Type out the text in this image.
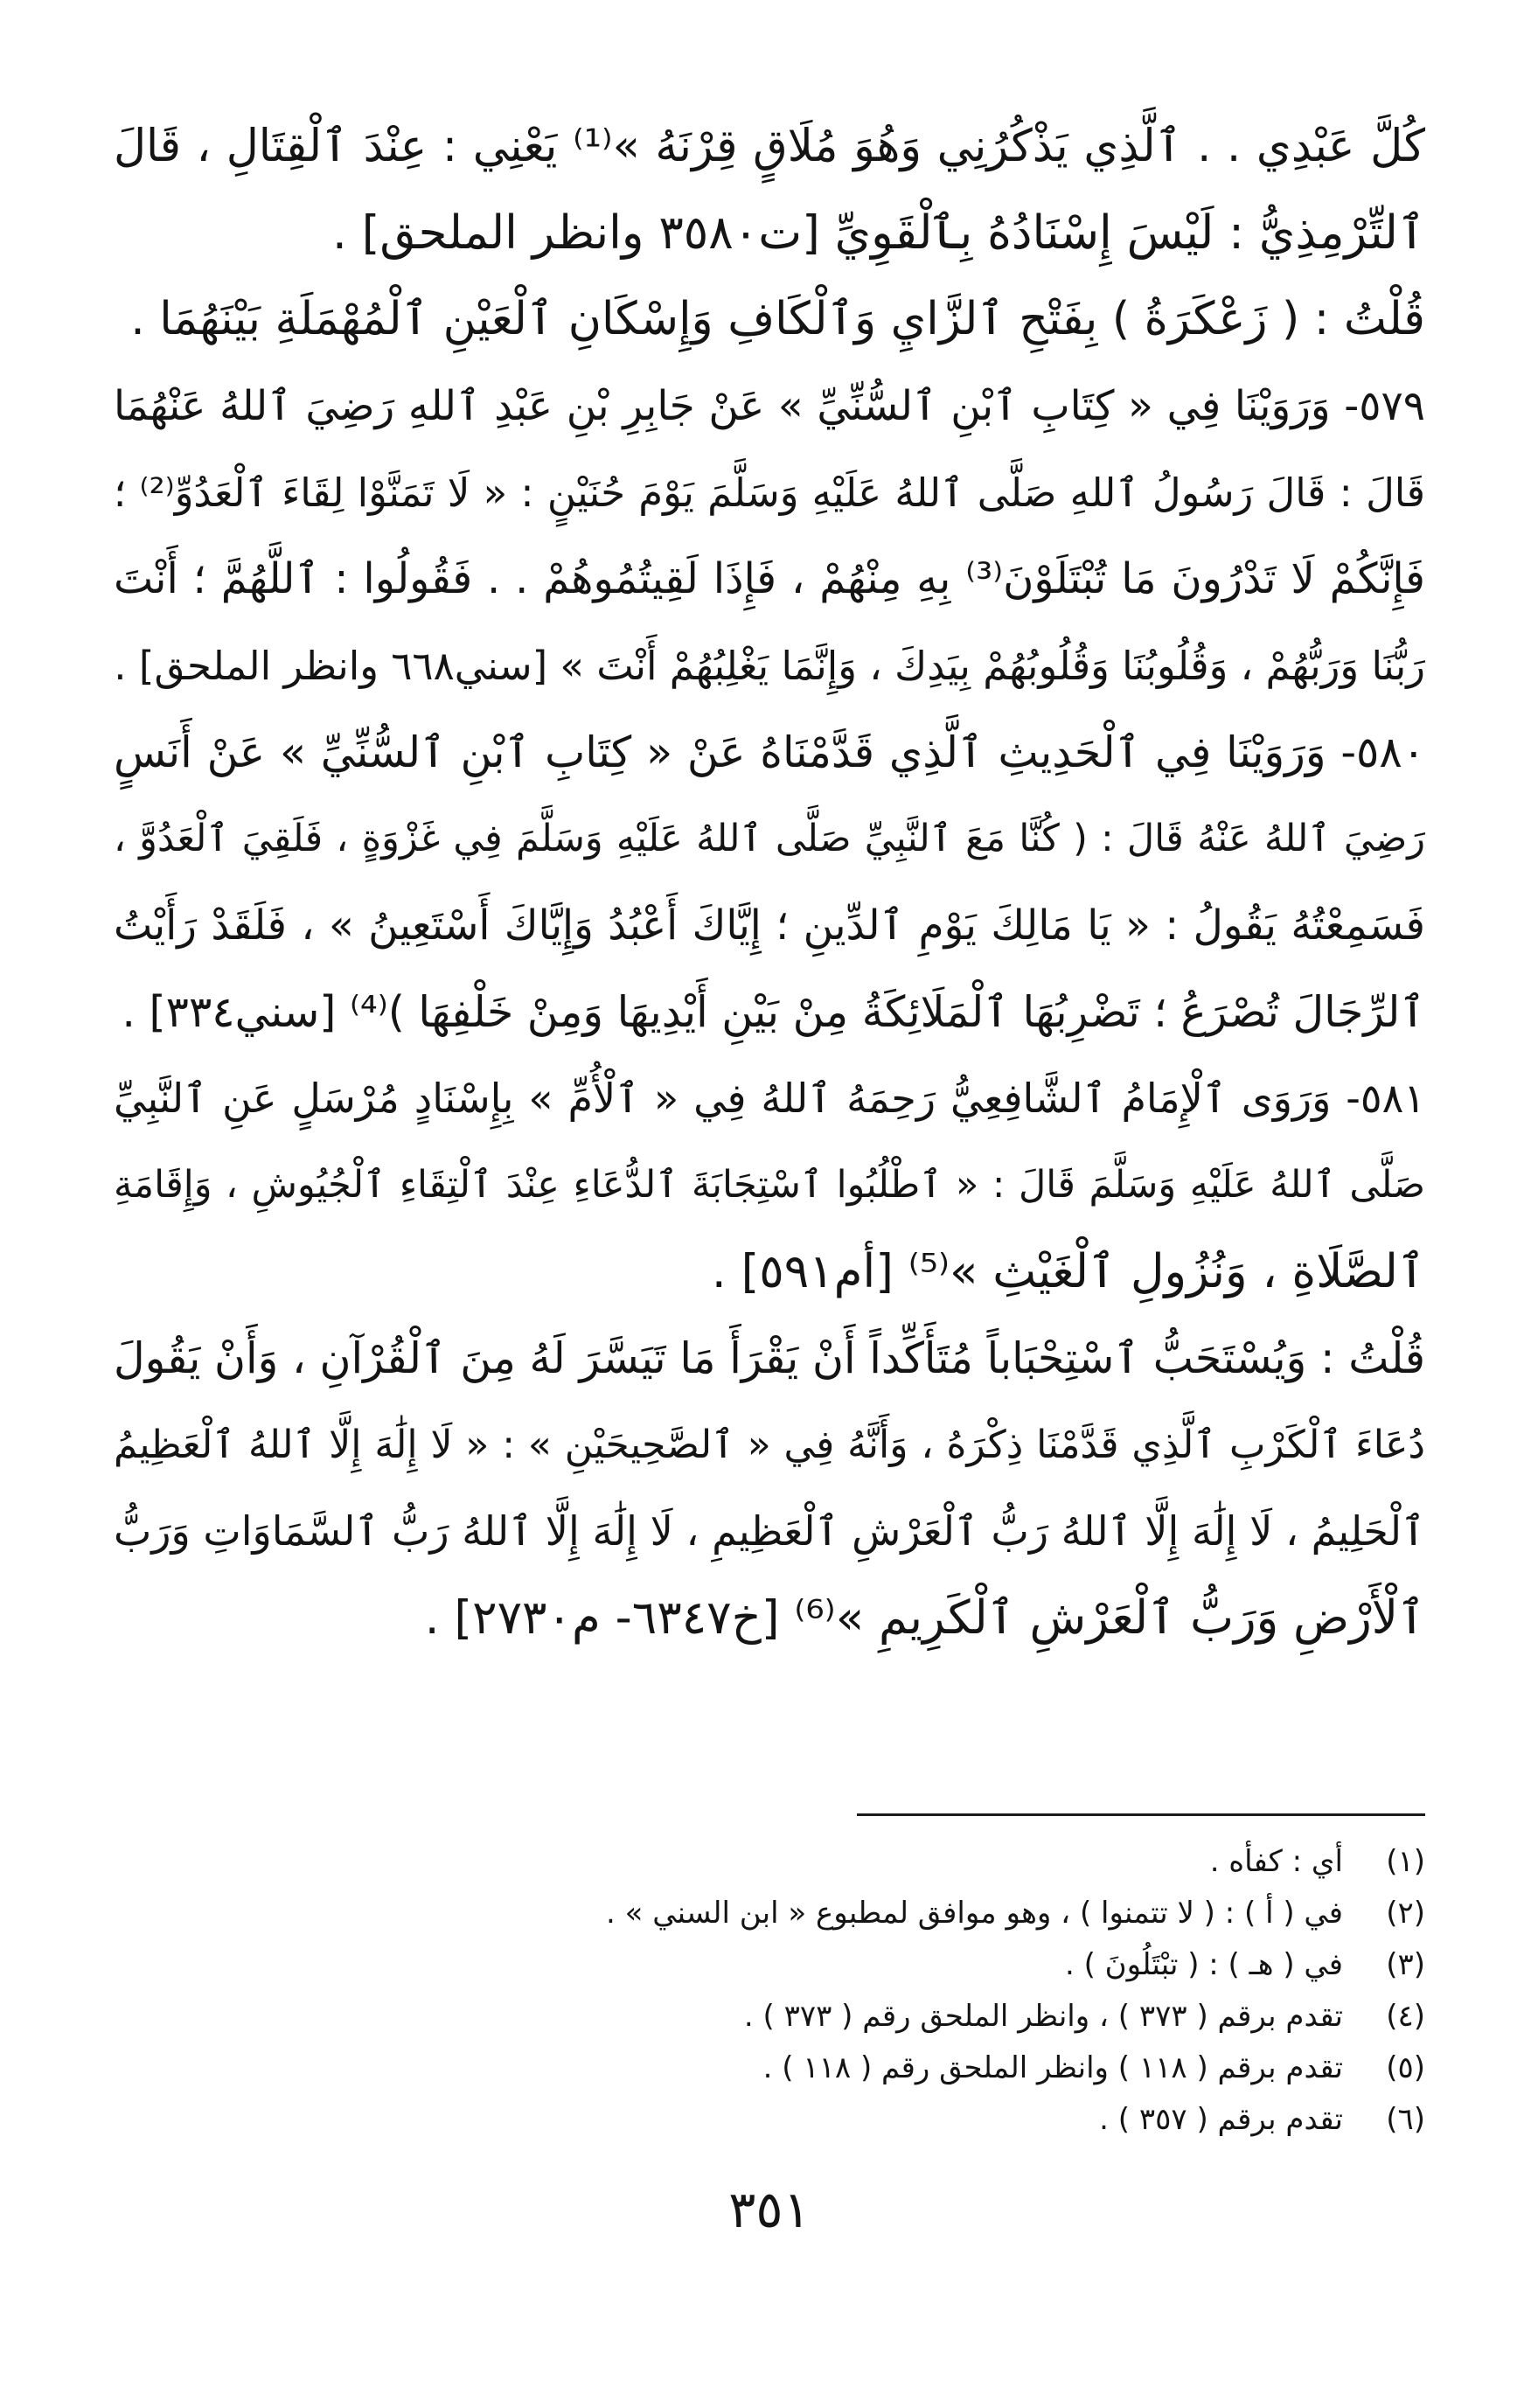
كُلَّ عَبْدِي . . ٱلَّذِي يَذْكُرُنِي وَهُوَ مُلَاقٍ قِرْنَهُ »⁽¹⁾ يَعْنِي : عِنْدَ ٱلْقِتَالِ ، قَالَ
ٱلتِّرْمِذِيُّ : لَيْسَ إِسْنَادُهُ بِٱلْقَوِيِّ [ت٣٥٨٠ وانظر الملحق] .
قُلْتُ : ( زَعْكَرَةُ ) بِفَتْحِ ٱلزَّايِ وَٱلْكَافِ وَإِسْكَانِ ٱلْعَيْنِ ٱلْمُهْمَلَةِ بَيْنَهُمَا .
٥٧٩- وَرَوَيْنَا فِي « كِتَابِ ٱبْنِ ٱلسُّنِّيِّ » عَنْ جَابِرِ بْنِ عَبْدِ ٱللهِ رَضِيَ ٱللهُ عَنْهُمَا
قَالَ : قَالَ رَسُولُ ٱللهِ صَلَّى ٱللهُ عَلَيْهِ وَسَلَّمَ يَوْمَ حُنَيْنٍ : « لَا تَمَنَّوْا لِقَاءَ ٱلْعَدُوِّ⁽²⁾ ؛
فَإِنَّكُمْ لَا تَدْرُونَ مَا تُبْتَلَوْنَ⁽³⁾ بِهِ مِنْهُمْ ، فَإِذَا لَقِيتُمُوهُمْ . . فَقُولُوا : ٱللَّهُمَّ ؛ أَنْتَ
رَبُّنَا وَرَبُّهُمْ ، وَقُلُوبُنَا وَقُلُوبُهُمْ بِيَدِكَ ، وَإِنَّمَا يَغْلِبُهُمْ أَنْتَ » [سني٦٦٨ وانظر الملحق] .
٥٨٠- وَرَوَيْنَا فِي ٱلْحَدِيثِ ٱلَّذِي قَدَّمْنَاهُ عَنْ « كِتَابِ ٱبْنِ ٱلسُّنِّيِّ » عَنْ أَنَسٍ
رَضِيَ ٱللهُ عَنْهُ قَالَ : ( كُنَّا مَعَ ٱلنَّبِيِّ صَلَّى ٱللهُ عَلَيْهِ وَسَلَّمَ فِي غَزْوَةٍ ، فَلَقِيَ ٱلْعَدُوَّ ،
فَسَمِعْتُهُ يَقُولُ : « يَا مَالِكَ يَوْمِ ٱلدِّينِ ؛ إِيَّاكَ أَعْبُدُ وَإِيَّاكَ أَسْتَعِينُ » ، فَلَقَدْ رَأَيْتُ
ٱلرِّجَالَ تُصْرَعُ ؛ تَضْرِبُهَا ٱلْمَلَائِكَةُ مِنْ بَيْنِ أَيْدِيهَا وَمِنْ خَلْفِهَا )⁽⁴⁾ [سني٣٣٤] .
٥٨١- وَرَوَى ٱلْإِمَامُ ٱلشَّافِعِيُّ رَحِمَهُ ٱللهُ فِي « ٱلْأُمِّ » بِإِسْنَادٍ مُرْسَلٍ عَنِ ٱلنَّبِيِّ
صَلَّى ٱللهُ عَلَيْهِ وَسَلَّمَ قَالَ : « ٱطْلُبُوا ٱسْتِجَابَةَ ٱلدُّعَاءِ عِنْدَ ٱلْتِقَاءِ ٱلْجُيُوشِ ، وَإِقَامَةِ
ٱلصَّلَاةِ ، وَنُزُولِ ٱلْغَيْثِ »⁽⁵⁾ [أم٥٩١] .
قُلْتُ : وَيُسْتَحَبُّ ٱسْتِحْبَاباً مُتَأَكِّداً أَنْ يَقْرَأَ مَا تَيَسَّرَ لَهُ مِنَ ٱلْقُرْآنِ ، وَأَنْ يَقُولَ
دُعَاءَ ٱلْكَرْبِ ٱلَّذِي قَدَّمْنَا ذِكْرَهُ ، وَأَنَّهُ فِي « ٱلصَّحِيحَيْنِ » : « لَا إِلَٰهَ إِلَّا ٱللهُ ٱلْعَظِيمُ
ٱلْحَلِيمُ ، لَا إِلَٰهَ إِلَّا ٱللهُ رَبُّ ٱلْعَرْشِ ٱلْعَظِيمِ ، لَا إِلَٰهَ إِلَّا ٱللهُ رَبُّ ٱلسَّمَاوَاتِ وَرَبُّ
ٱلْأَرْضِ وَرَبُّ ٱلْعَرْشِ ٱلْكَرِيمِ »⁽⁶⁾ [خ٦٣٤٧- م٢٧٣٠] .
(١)
أي : كفأه .
(٢)
في ( أ ) : ( لا تتمنوا ) ، وهو موافق لمطبوع « ابن السني » .
(٣)
في ( هـ ) : ( تبْتَلُونَ ) .
(٤)
تقدم برقم ( ٣٧٣ ) ، وانظر الملحق رقم ( ٣٧٣ ) .
(٥)
تقدم برقم ( ١١٨ ) وانظر الملحق رقم ( ١١٨ ) .
(٦)
تقدم برقم ( ٣٥٧ ) .
٣٥١
